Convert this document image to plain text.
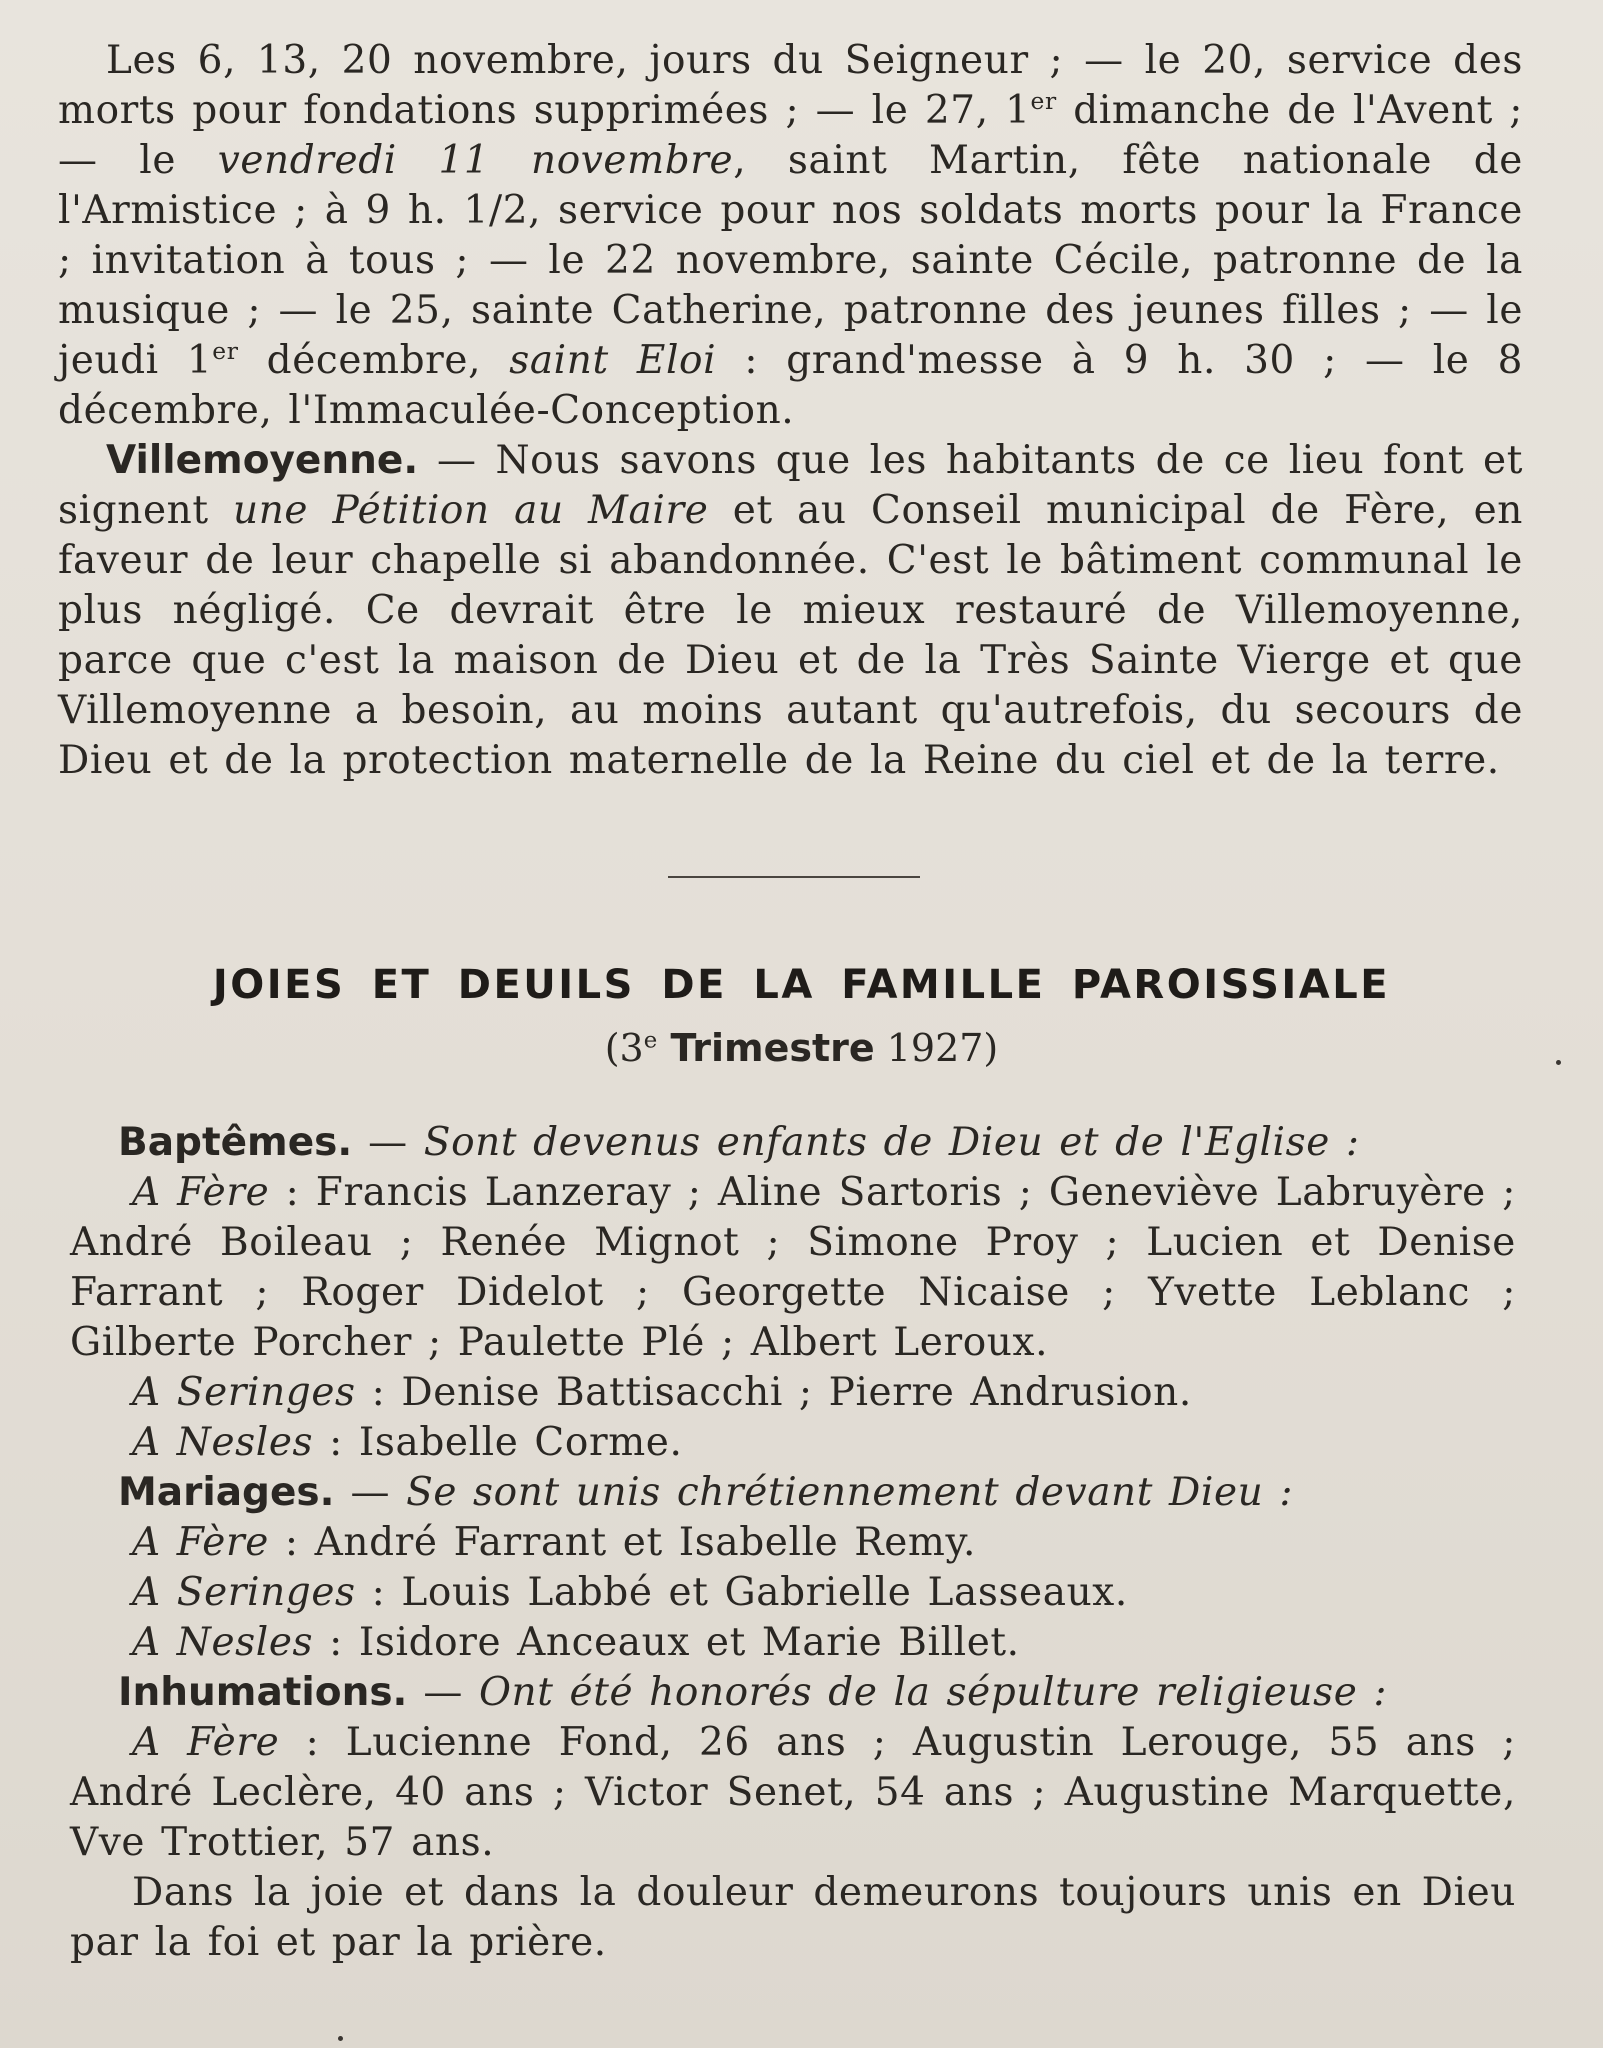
Les 6, 13, 20 novembre, jours du Seigneur ; — le 20, service des morts pour fondations supprimées ; — le 27, 1er dimanche de l'Avent ; — le vendredi 11 novembre, saint Martin, fête nationale de l'Armistice ; à 9 h. 1/2, service pour nos soldats morts pour la France ; invitation à tous ; — le 22 novembre, sainte Cécile, patronne de la musique ; — le 25, sainte Catherine, patronne des jeunes filles ; — le jeudi 1er décembre, saint Eloi : grand'messe à 9 h. 30 ; — le 8 décembre, l'Immaculée-Conception.

Villemoyenne. — Nous savons que les habitants de ce lieu font et signent une Pétition au Maire et au Conseil municipal de Fère, en faveur de leur chapelle si abandonnée. C'est le bâtiment communal le plus négligé. Ce devrait être le mieux restauré de Villemoyenne, parce que c'est la maison de Dieu et de la Très Sainte Vierge et que Villemoyenne a besoin, au moins autant qu'autrefois, du secours de Dieu et de la protection maternelle de la Reine du ciel et de la terre.

JOIES ET DEUILS DE LA FAMILLE PAROISSIALE
(3e Trimestre 1927)

Baptêmes. — Sont devenus enfants de Dieu et de l'Eglise :

A Fère : Francis Lanzeray ; Aline Sartoris ; Geneviève Labruyère ; André Boileau ; Renée Mignot ; Simone Proy ; Lucien et Denise Farrant ; Roger Didelot ; Georgette Nicaise ; Yvette Leblanc ; Gilberte Porcher ; Paulette Plé ; Albert Leroux.

A Seringes : Denise Battisacchi ; Pierre Andrusion.

A Nesles : Isabelle Corme.

Mariages. — Se sont unis chrétiennement devant Dieu :

A Fère : André Farrant et Isabelle Remy.

A Seringes : Louis Labbé et Gabrielle Lasseaux.

A Nesles : Isidore Anceaux et Marie Billet.

Inhumations. — Ont été honorés de la sépulture religieuse :

A Fère : Lucienne Fond, 26 ans ; Augustin Lerouge, 55 ans ; André Leclère, 40 ans ; Victor Senet, 54 ans ; Augustine Marquette, Vve Trottier, 57 ans.

Dans la joie et dans la douleur demeurons toujours unis en Dieu par la foi et par la prière.
